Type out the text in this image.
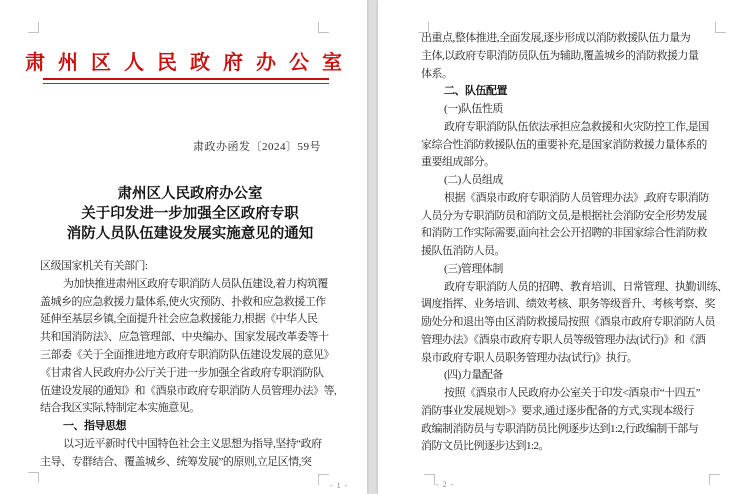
肃 州 区 人 民 政 府 办 公 室
肃政办函发〔2024〕59号
肃州区人民政府办公室
关于印发进一步加强全区政府专职
消防人员队伍建设发展实施意见的通知
区级国家机关有关部门:
为加快推进肃州区政府专职消防人员队伍建设,着力构筑覆
盖城乡的应急救援力量体系,使火灾预防、扑救和应急救援工作
延伸至基层乡镇,全面提升社会应急救援能力,根据《中华人民
共和国消防法》、应急管理部、中央编办、国家发展改革委等十
三部委《关于全面推进地方政府专职消防队伍建设发展的意见》
《甘肃省人民政府办公厅关于进一步加强全省政府专职消防队
伍建设发展的通知》和《酒泉市政府专职消防人员管理办法》等,
结合我区实际,特制定本实施意见。
一、指导思想
以习近平新时代中国特色社会主义思想为指导,坚持“政府
主导、专群结合、覆盖城乡、统筹发展”的原则,立足区情,突
- 1 -
出重点,整体推进,全面发展,逐步形成以消防救援队伍力量为
主体,以政府专职消防员队伍为辅助,覆盖城乡的消防救援力量
体系。
二、队伍配置
(一)队伍性质
政府专职消防队伍依法承担应急救援和火灾防控工作,是国
家综合性消防救援队伍的重要补充,是国家消防救援力量体系的
重要组成部分。
(二)人员组成
根据《酒泉市政府专职消防人员管理办法》,政府专职消防
人员分为专职消防员和消防文员,是根据社会消防安全形势发展
和消防工作实际需要,面向社会公开招聘的非国家综合性消防救
援队伍消防人员。
(三)管理体制
政府专职消防人员的招聘、教育培训、日常管理、执勤训练、
调度指挥、业务培训、绩效考核、职务等级晋升、考核考察、奖
励处分和退出等由区消防救援局按照《酒泉市政府专职消防人员
管理办法》《酒泉市政府专职人员等级管理办法(试行)》和《酒
泉市政府专职人员职务管理办法(试行)》执行。
(四)力量配备
按照《酒泉市人民政府办公室关于印发<酒泉市“十四五”
消防事业发展规划>》要求,通过逐步配备的方式,实现本级行
政编制消防员与专职消防员比例逐步达到1:2,行政编制干部与
消防文员比例逐步达到1:2。
- 2 -
